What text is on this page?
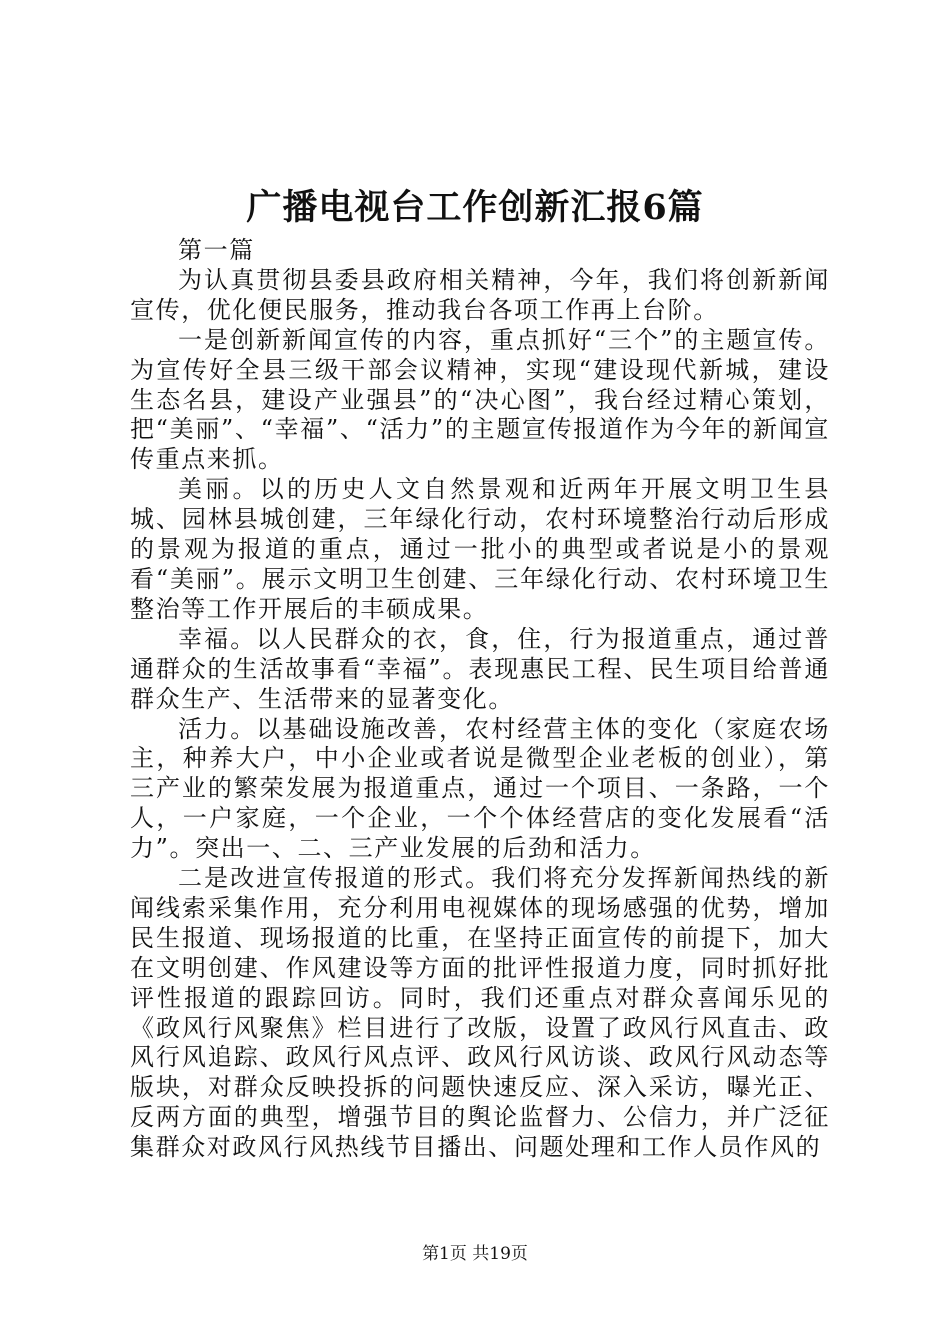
广播电视台工作创新汇报6篇

第一篇

为认真贯彻县委县政府相关精神，今年，我们将创新新闻宣传，优化便民服务，推动我台各项工作再上台阶。

一是创新新闻宣传的内容，重点抓好“三个”的主题宣传。为宣传好全县三级干部会议精神，实现“建设现代新城，建设生态名县，建设产业强县”的“决心图”，我台经过精心策划，把“美丽”、“幸福”、“活力”的主题宣传报道作为今年的新闻宣传重点来抓。

美丽。以的历史人文自然景观和近两年开展文明卫生县城、园林县城创建，三年绿化行动，农村环境整治行动后形成的景观为报道的重点，通过一批小的典型或者说是小的景观看“美丽”。展示文明卫生创建、三年绿化行动、农村环境卫生整治等工作开展后的丰硕成果。

幸福。以人民群众的衣，食，住，行为报道重点，通过普通群众的生活故事看“幸福”。表现惠民工程、民生项目给普通群众生产、生活带来的显著变化。

活力。以基础设施改善，农村经营主体的变化（家庭农场主，种养大户，中小企业或者说是微型企业老板的创业），第三产业的繁荣发展为报道重点，通过一个项目、一条路，一个人，一户家庭，一个企业，一个个体经营店的变化发展看“活力”。突出一、二、三产业发展的后劲和活力。

二是改进宣传报道的形式。我们将充分发挥新闻热线的新闻线索采集作用，充分利用电视媒体的现场感强的优势，增加民生报道、现场报道的比重，在坚持正面宣传的前提下，加大在文明创建、作风建设等方面的批评性报道力度，同时抓好批评性报道的跟踪回访。同时，我们还重点对群众喜闻乐见的《政风行风聚焦》栏目进行了改版，设置了政风行风直击、政风行风追踪、政风行风点评、政风行风访谈、政风行风动态等版块，对群众反映投拆的问题快速反应、深入采访，曝光正、反两方面的典型，增强节目的舆论监督力、公信力，并广泛征集群众对政风行风热线节目播出、问题处理和工作人员作风的

第1页 共19页
